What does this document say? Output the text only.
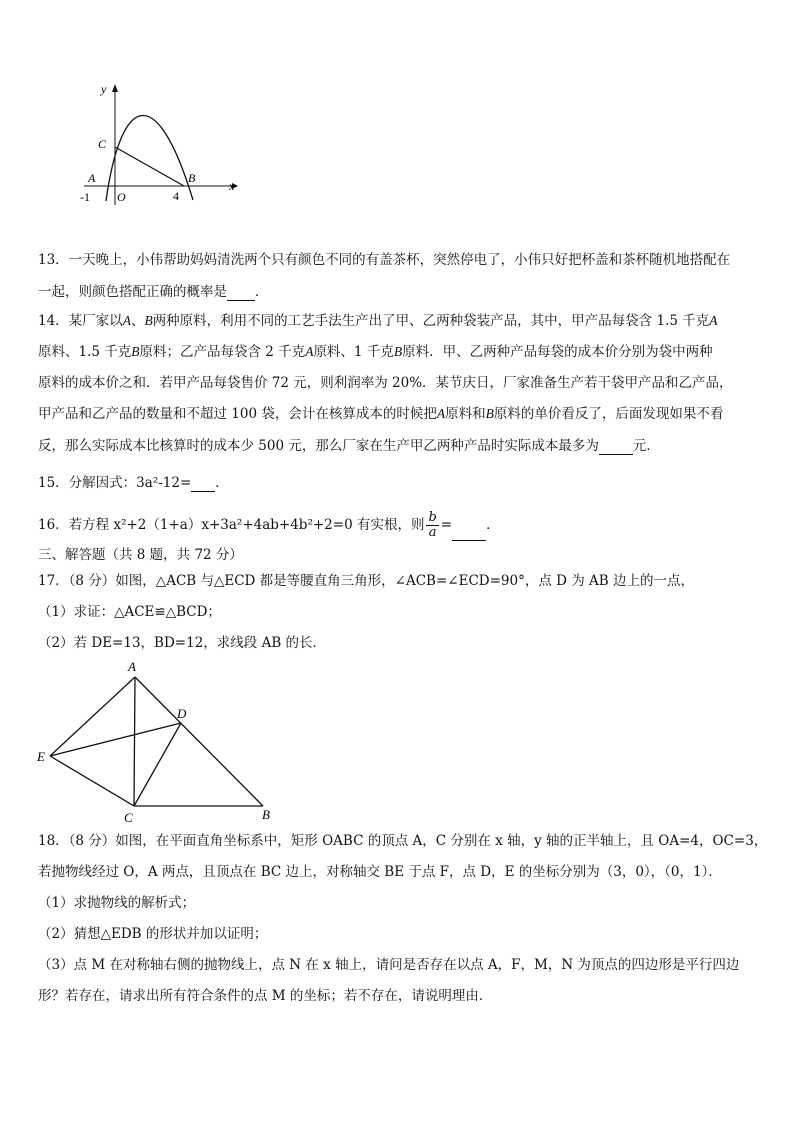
y
x
C
A	B
O
-1	4
13．一天晚上，小伟帮助妈妈清洗两个只有颜色不同的有盖茶杯，突然停电了，小伟只好把杯盖和茶杯随机地搭配在
一起，则颜色搭配正确的概率是 ．
14．某厂家以A、B两种原料，利用不同的工艺手法生产出了甲、乙两种袋装产品，其中，甲产品每袋含 1.5 千克A
原料、1.5 千克B原料；乙产品每袋含 2 千克A原料、1 千克B原料．甲、乙两种产品每袋的成本价分别为袋中两种
原料的成本价之和．若甲产品每袋售价 72 元，则利润率为 20%．某节庆日，厂家准备生产若干袋甲产品和乙产品，
甲产品和乙产品的数量和不超过 100 袋，会计在核算成本的时候把A原料和B原料的单价看反了，后面发现如果不看
反，那么实际成本比核算时的成本少 500 元，那么厂家在生产甲乙两种产品时实际成本最多为	元．
15．分解因式：3a²-12= ．
16．若方程 x²+2（1+a）x+3a²+4ab+4b²+2=0 有实根，则 $\frac{b}{a}$ =	．
三、解答题（共 8 题，共 72 分）
17．（8 分）如图，△ACB 与△ECD 都是等腰直角三角形，∠ACB=∠ECD=90°，点 D 为 AB 边上的一点，
（1）求证：△ACE≌△BCD；
（2）若 DE=13，BD=12，求线段 AB 的长．
A
D
E
C	B
18．（8 分）如图，在平面直角坐标系中，矩形 OABC 的顶点 A，C 分别在 x 轴，y 轴的正半轴上，且 OA=4，OC=3，
若抛物线经过 O，A 两点，且顶点在 BC 边上，对称轴交 BE 于点 F，点 D，E 的坐标分别为（3，0），（0，1）．
（1）求抛物线的解析式；
（2）猜想△EDB 的形状并加以证明；
（3）点 M 在对称轴右侧的抛物线上，点 N 在 x 轴上，请问是否存在以点 A，F，M，N 为顶点的四边形是平行四边
形？若存在，请求出所有符合条件的点 M 的坐标；若不存在，请说明理由．
